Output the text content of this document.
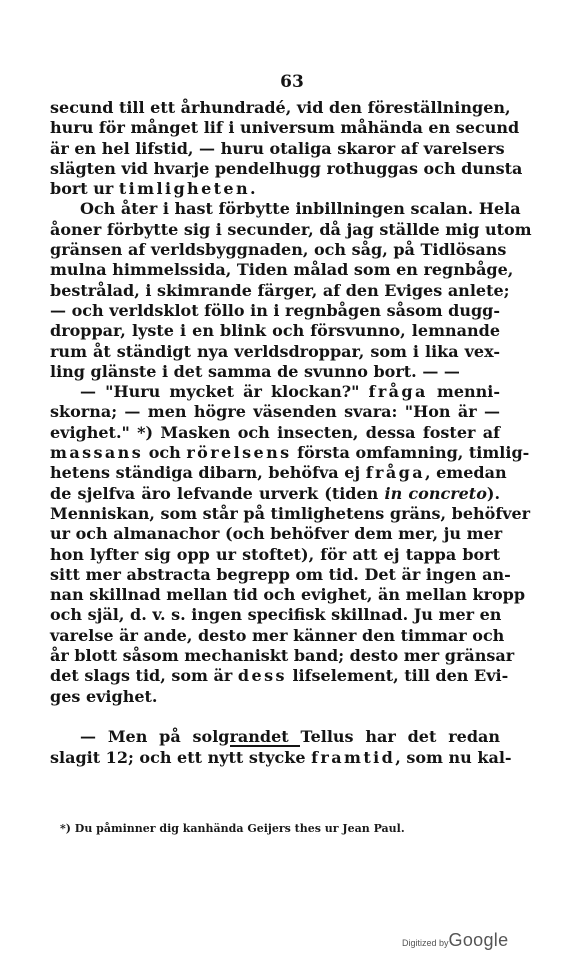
63
secund till ett århundradé, vid den föreställningen,
huru för månget lif i universum måhända en secund
är en hel lifstid, — huru otaliga skaror af varelsers
slägten vid hvarje pendelhugg rothuggas och dunsta
bort ur timligheten.
Och åter i hast förbytte inbillningen scalan. Hela
åoner förbytte sig i secunder, då jag ställde mig utom
gränsen af verldsbyggnaden, och såg, på Tidlösans
mulna himmelssida, Tiden målad som en regnbåge,
bestrålad, i skimrande färger, af den Eviges anlete;
— och verldsklot föllo in i regnbågen såsom dugg-
droppar, lyste i en blink och försvunno, lemnande
rum åt ständigt nya verldsdroppar, som i lika vex-
ling glänste i det samma de svunno bort. — —
— "Huru mycket är klockan?" fråga menni-
skorna; — men högre väsenden svara: "Hon är —
evighet." *) Masken och insecten, dessa foster af
massans och rörelsens första omfamning, timlig-
hetens ständiga dibarn, behöfva ej fråga, emedan
de sjelfva äro lefvande urverk (tiden in concreto).
Menniskan, som står på timlighetens gräns, behöfver
ur och almanachor (och behöfver dem mer, ju mer
hon lyfter sig opp ur stoftet), för att ej tappa bort
sitt mer abstracta begrepp om tid. Det är ingen an-
nan skillnad mellan tid och evighet, än mellan kropp
och själ, d. v. s. ingen specifisk skillnad. Ju mer en
varelse är ande, desto mer känner den timmar och
år blott såsom mechaniskt band; desto mer gränsar
det slags tid, som är dess lifselement, till den Evi-
ges evighet.
— Men på solgrandet Tellus har det redan
slagit 12; och ett nytt stycke framtid, som nu kal-
*) Du påminner dig kanhända Geijers thes ur Jean Paul.
Digitized byGoogle
